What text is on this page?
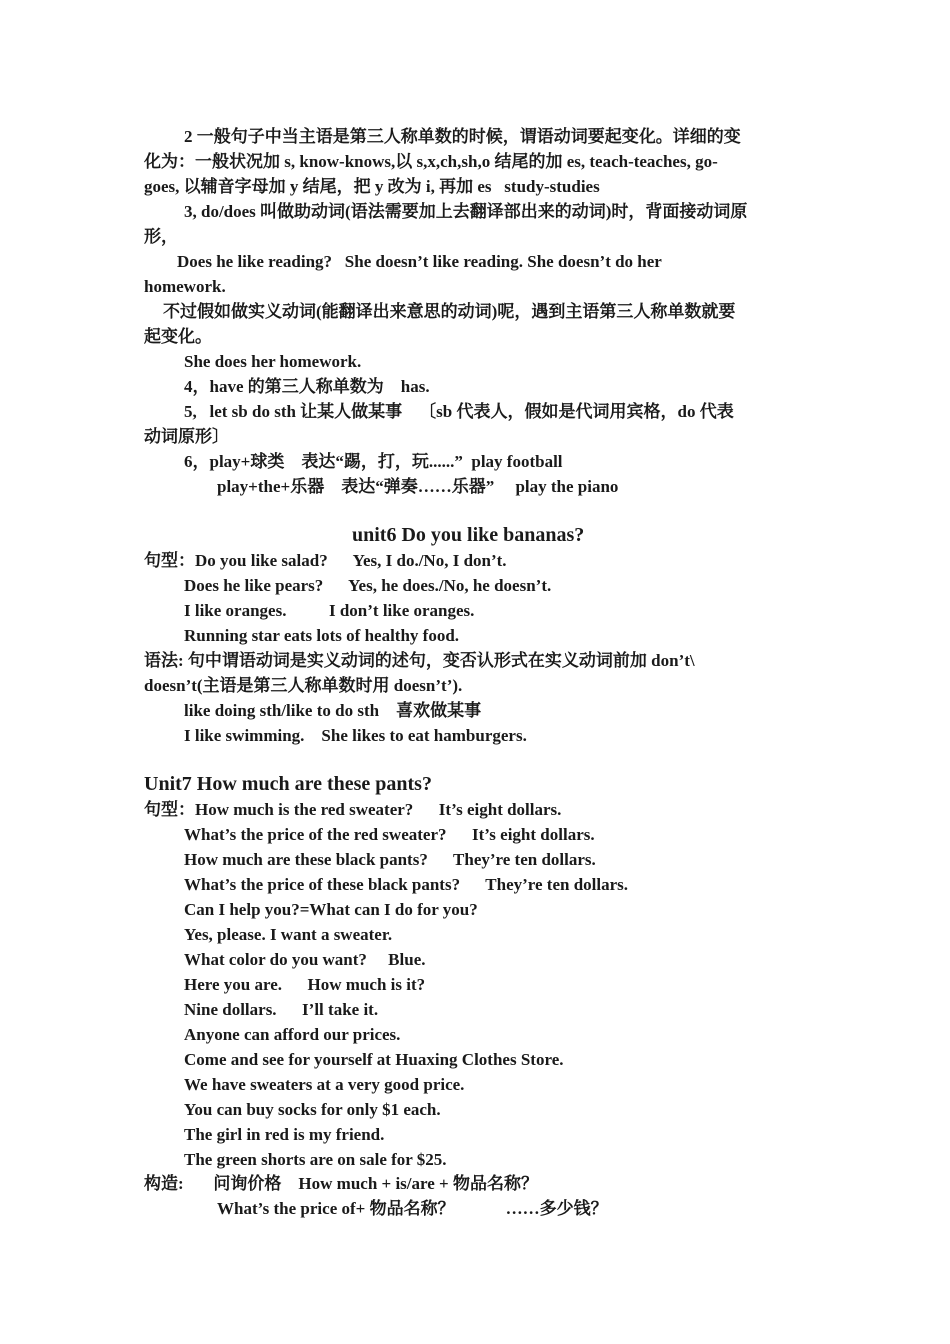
2 一般句子中当主语是第三人称单数的时候，谓语动词要起变化。详细的变
化为：一般状况加 s, know-knows,以 s,x,ch,sh,o 结尾的加 es, teach-teaches, go-
goes, 以辅音字母加 y 结尾，把 y 改为 i, 再加 es   study-studies
3, do/does 叫做助动词(语法需要加上去翻译部出来的动词)时，背面接动词原
形，
Does he like reading?   She doesn’t like reading. She doesn’t do her
homework.
不过假如做实义动词(能翻译出来意思的动词)呢，遇到主语第三人称单数就要
起变化。
She does her homework.
4，have 的第三人称单数为    has.
5,   let sb do sth 让某人做某事    〔sb 代表人，假如是代词用宾格，do 代表
动词原形〕
6，play+球类    表达“踢，打，玩......”  play football
play+the+乐器    表达“弹奏……乐器”     play the piano
unit6 Do you like bananas?
句型：Do you like salad?      Yes, I do./No, I don’t.
Does he like pears?      Yes, he does./No, he doesn’t.
I like oranges.          I don’t like oranges.
Running star eats lots of healthy food.
语法: 句中谓语动词是实义动词的述句，变否认形式在实义动词前加 don’t\
doesn’t(主语是第三人称单数时用 doesn’t’).
like doing sth/like to do sth    喜欢做某事
I like swimming.    She likes to eat hamburgers.
Unit7 How much are these pants?
句型：How much is the red sweater?      It’s eight dollars.
What’s the price of the red sweater?      It’s eight dollars.
How much are these black pants?      They’re ten dollars.
What’s the price of these black pants?      They’re ten dollars.
Can I help you?=What can I do for you?
Yes, please. I want a sweater.
What color do you want?     Blue.
Here you are.      How much is it?
Nine dollars.      I’ll take it.
Anyone can afford our prices.
Come and see for yourself at Huaxing Clothes Store.
We have sweaters at a very good price.
You can buy socks for only $1 each.
The girl in red is my friend.
The green shorts are on sale for $25.
构造:       问询价格    How much + is/are + 物品名称？
What’s the price of+ 物品名称？            ……多少钱？
